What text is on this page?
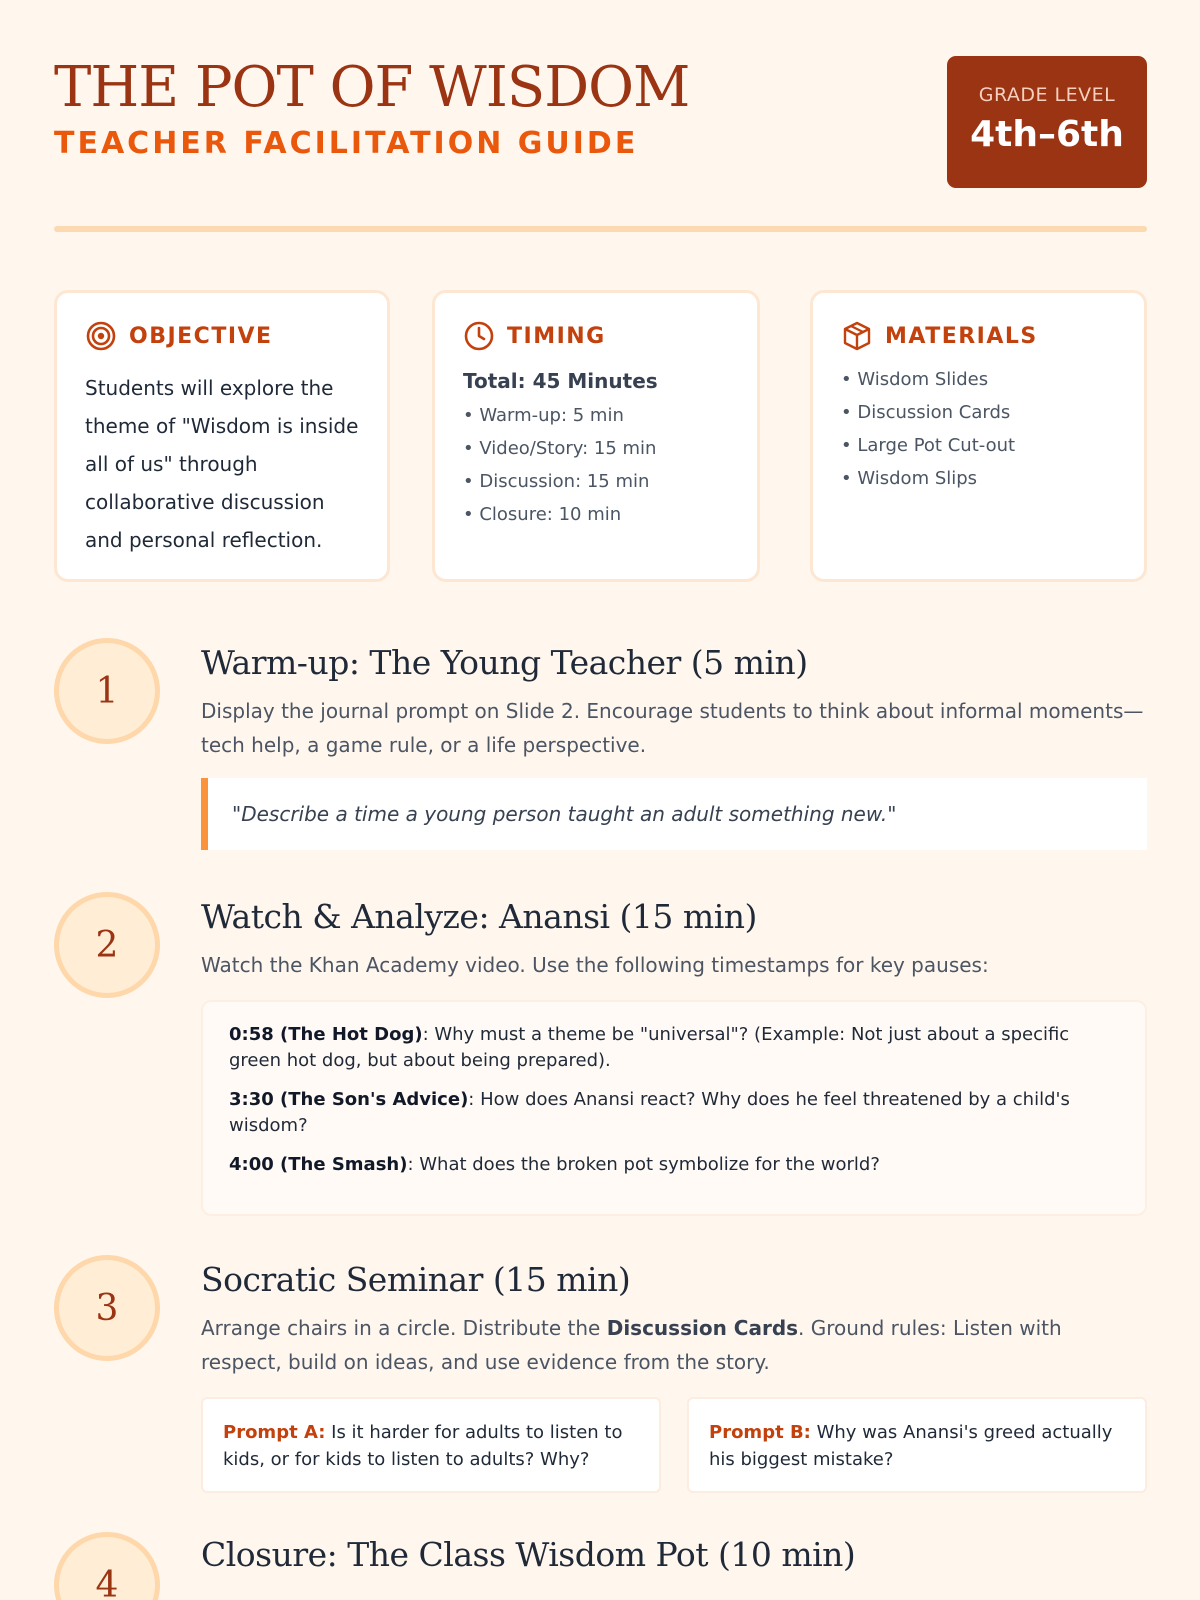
THE POT OF WISDOM
TEACHER FACILITATION GUIDE
GRADE LEVEL
4th–6th
OBJECTIVE
Students will explore the theme of "Wisdom is inside all of us" through collaborative discussion and personal reflection.
TIMING
Total: 45 Minutes
• Warm-up: 5 min
• Video/Story: 15 min
• Discussion: 15 min
• Closure: 10 min
MATERIALS
• Wisdom Slides
• Discussion Cards
• Large Pot Cut-out
• Wisdom Slips
1
Warm-up: The Young Teacher (5 min)
Display the journal prompt on Slide 2. Encourage students to think about informal moments—tech help, a game rule, or a life perspective.
"Describe a time a young person taught an adult something new."
2
Watch & Analyze: Anansi (15 min)
Watch the Khan Academy video. Use the following timestamps for key pauses:
0:58 (The Hot Dog): Why must a theme be "universal"? (Example: Not just about a specific green hot dog, but about being prepared).
3:30 (The Son's Advice): How does Anansi react? Why does he feel threatened by a child's wisdom?
4:00 (The Smash): What does the broken pot symbolize for the world?
3
Socratic Seminar (15 min)
Arrange chairs in a circle. Distribute the Discussion Cards. Ground rules: Listen with respect, build on ideas, and use evidence from the story.
Prompt A: Is it harder for adults to listen to kids, or for kids to listen to adults? Why?
Prompt B: Why was Anansi's greed actually his biggest mistake?
4
Closure: The Class Wisdom Pot (10 min)
